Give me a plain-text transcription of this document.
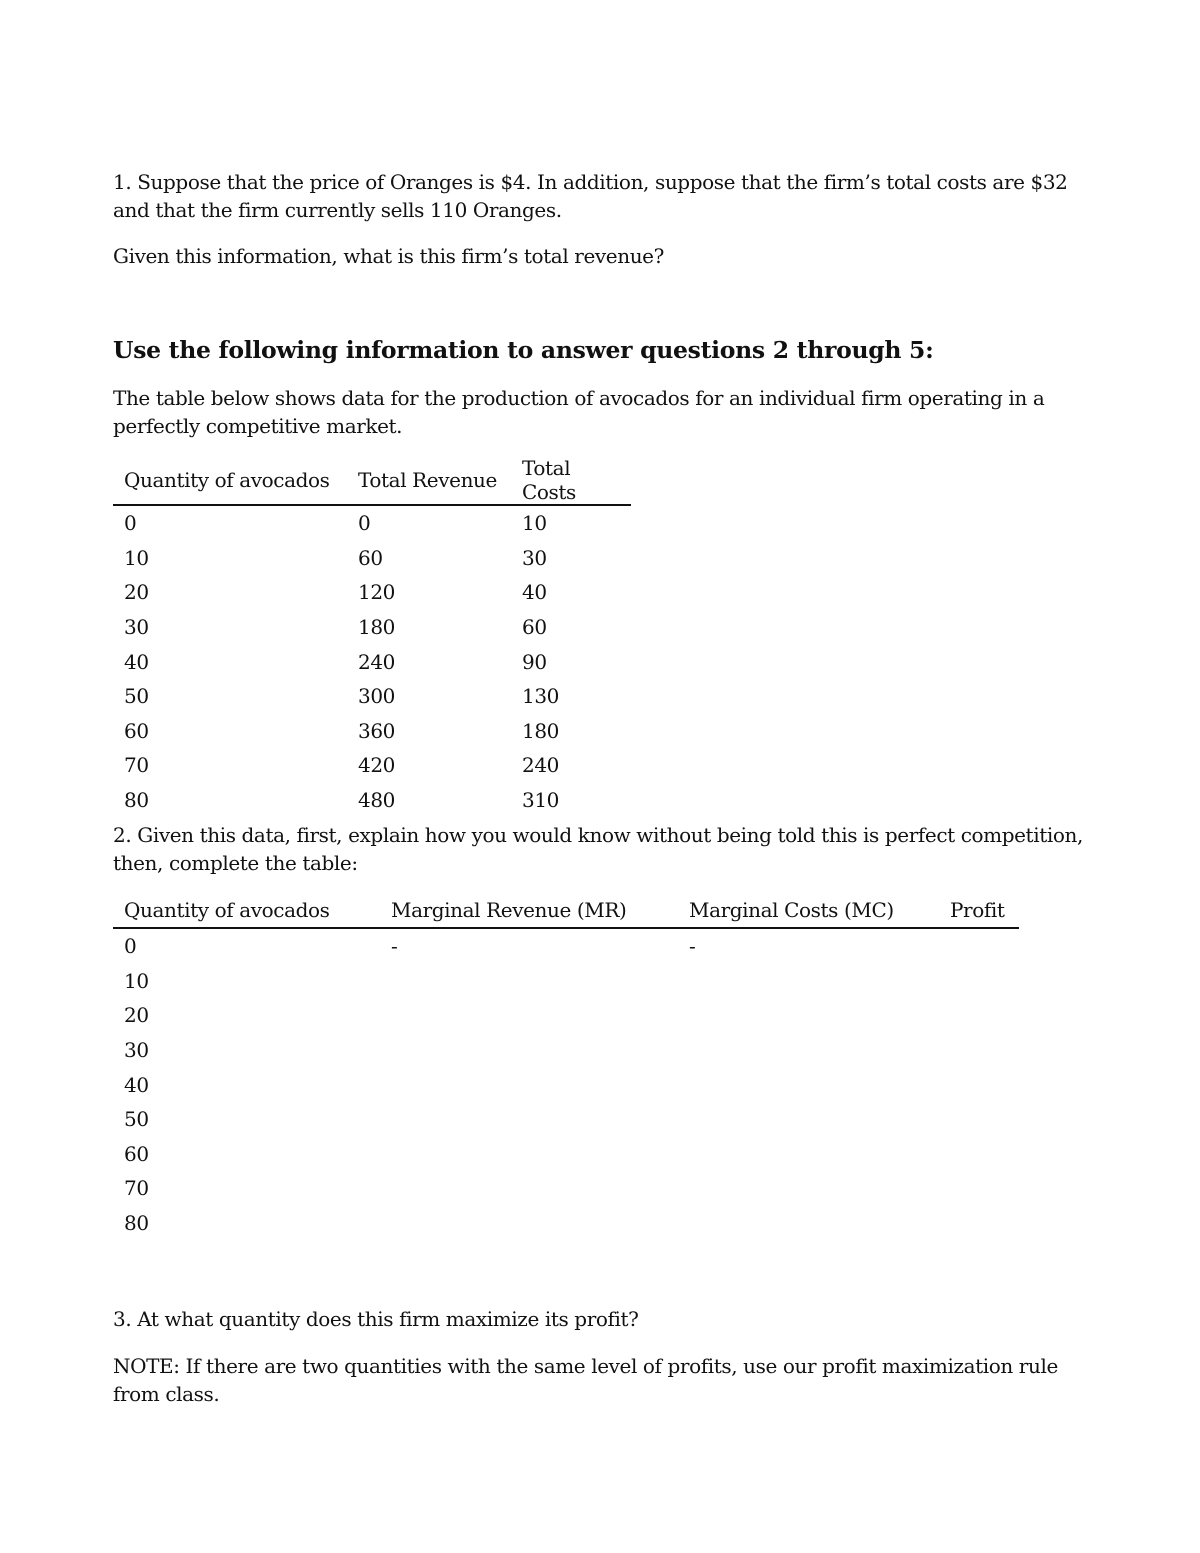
1. Suppose that the price of Oranges is $4. In addition, suppose that the firm’s total costs are $32 and that the firm currently sells 110 Oranges.

Given this information, what is this firm’s total revenue?

Use the following information to answer questions 2 through 5:

The table below shows data for the production of avocados for an individual firm operating in a perfectly competitive market.

Quantity of avocados	Total Revenue	Total Costs
0	0	10
10	60	30
20	120	40
30	180	60
40	240	90
50	300	130
60	360	180
70	420	240
80	480	310

2. Given this data, first, explain how you would know without being told this is perfect competition, then, complete the table:

Quantity of avocados	Marginal Revenue (MR)	Marginal Costs (MC)	Profit
0	-	-	
10			
20			
30			
40			
50			
60			
70			
80			

3. At what quantity does this firm maximize its profit?

NOTE: If there are two quantities with the same level of profits, use our profit maximization rule from class.
